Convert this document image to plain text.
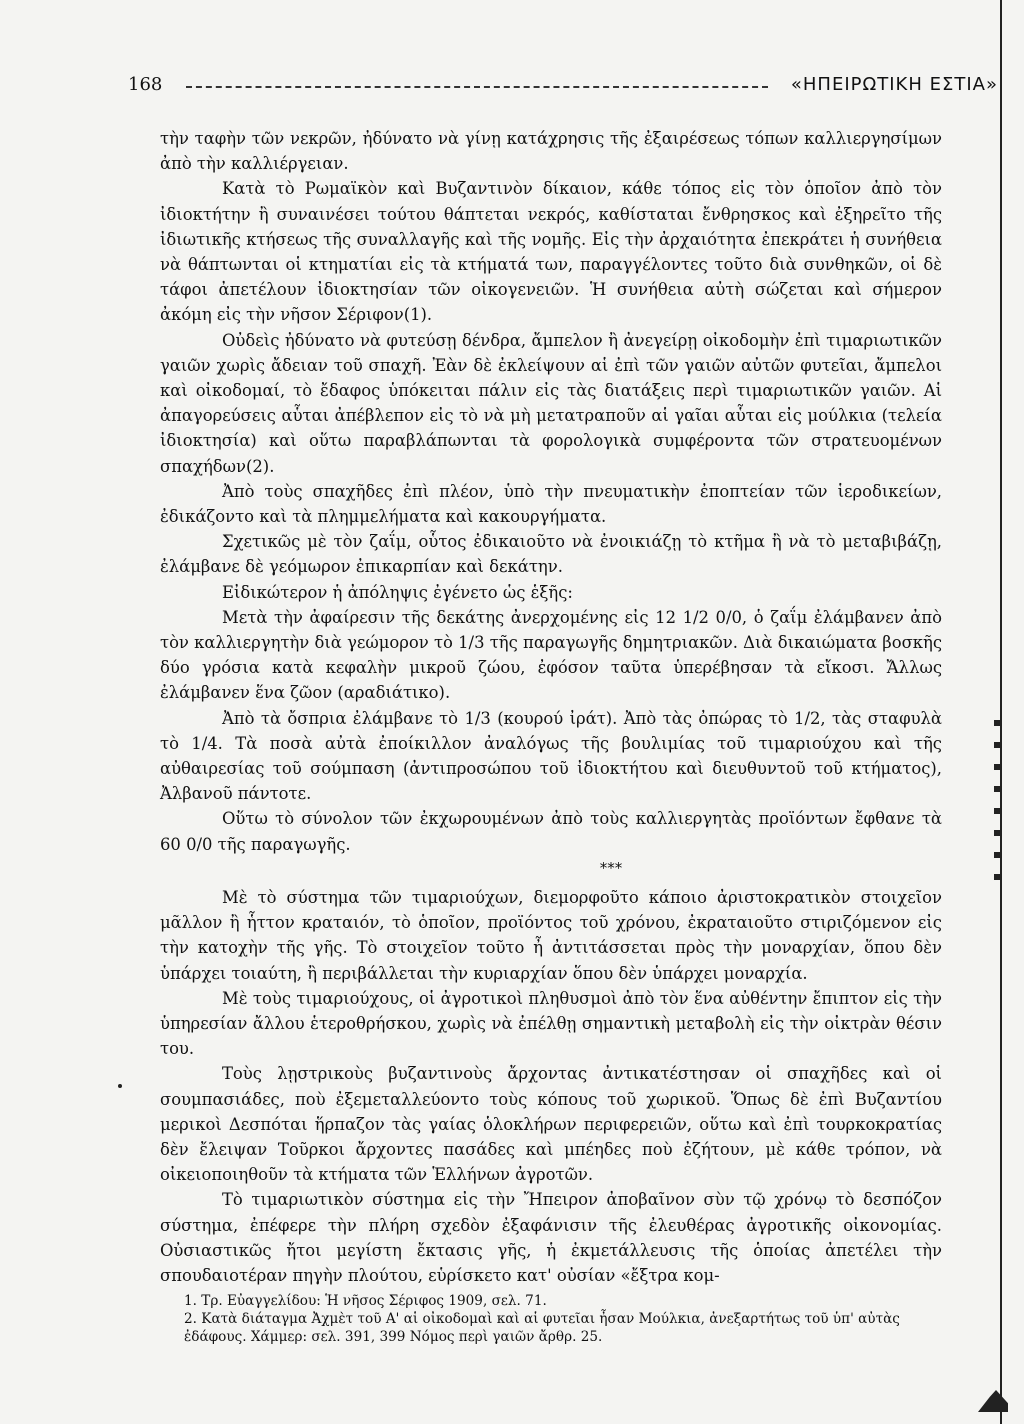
168	«ΗΠΕΙΡΩΤΙΚΗ ΕΣΤΙΑ»

τὴν ταφὴν τῶν νεκρῶν, ἠδύνατο νὰ γίνῃ κατάχρησις τῆς ἐξαιρέσεως τόπων καλλιεργησίμων ἀπὸ τὴν καλλιέργειαν.

Κατὰ τὸ Ρωμαϊκὸν καὶ Βυζαντινὸν δίκαιον, κάθε τόπος εἰς τὸν ὁποῖον ἀπὸ τὸν ἰδιοκτήτην ἢ συναινέσει τούτου θάπτεται νεκρός, καθίσταται ἔνθρησκος καὶ ἐξηρεῖτο τῆς ἰδιωτικῆς κτήσεως τῆς συναλλαγῆς καὶ τῆς νομῆς. Εἰς τὴν ἀρχαιότητα ἐπεκράτει ἡ συνήθεια νὰ θάπτωνται οἱ κτηματίαι εἰς τὰ κτήματά των, παραγγέλοντες τοῦτο διὰ συνθηκῶν, οἱ δὲ τάφοι ἀπετέλουν ἰδιοκτησίαν τῶν οἰκογενειῶν. Ἡ συνήθεια αὐτὴ σώζεται καὶ σήμερον ἀκόμη εἰς τὴν νῆσον Σέριφον(1).

Οὐδεὶς ἠδύνατο νὰ φυτεύσῃ δένδρα, ἄμπελον ἢ ἀνεγείρῃ οἰκοδομὴν ἐπὶ τιμαριωτικῶν γαιῶν χωρὶς ἄδειαν τοῦ σπαχῆ. Ἐὰν δὲ ἐκλείψουν αἱ ἐπὶ τῶν γαιῶν αὐτῶν φυτεῖαι, ἄμπελοι καὶ οἰκοδομαί, τὸ ἔδαφος ὑπόκειται πάλιν εἰς τὰς διατάξεις περὶ τιμαριωτικῶν γαιῶν. Αἱ ἀπαγορεύσεις αὗται ἀπέβλεπον εἰς τὸ νὰ μὴ μετατραποῦν αἱ γαῖαι αὗται εἰς μούλκια (τελεία ἰδιοκτησία) καὶ οὕτω παραβλάπωνται τὰ φορολογικὰ συμφέροντα τῶν στρατευομένων σπαχήδων(2).

Ἀπὸ τοὺς σπαχῆδες ἐπὶ πλέον, ὑπὸ τὴν πνευματικὴν ἐποπτείαν τῶν ἱεροδικείων, ἐδικάζοντο καὶ τὰ πλημμελήματα καὶ κακουργήματα.

Σχετικῶς μὲ τὸν ζαΐμ, οὗτος ἐδικαιοῦτο νὰ ἐνοικιάζῃ τὸ κτῆμα ἢ νὰ τὸ μεταβιβάζῃ, ἐλάμβανε δὲ γεόμωρον ἐπικαρπίαν καὶ δεκάτην.

Εἰδικώτερον ἡ ἀπόληψις ἐγένετο ὡς ἑξῆς:

Μετὰ τὴν ἀφαίρεσιν τῆς δεκάτης ἀνερχομένης εἰς 12 1/2 0/0, ὁ ζαΐμ ἐλάμβανεν ἀπὸ τὸν καλλιεργητὴν διὰ γεώμορον τὸ 1/3 τῆς παραγωγῆς δημητριακῶν. Διὰ δικαιώματα βοσκῆς δύο γρόσια κατὰ κεφαλὴν μικροῦ ζώου, ἐφόσον ταῦτα ὑπερέβησαν τὰ εἴκοσι. Ἄλλως ἐλάμβανεν ἕνα ζῶον (αραδιάτικο).

Ἀπὸ τὰ ὄσπρια ἐλάμβανε τὸ 1/3 (κουρού ἰράτ). Ἀπὸ τὰς ὀπώρας τὸ 1/2, τὰς σταφυλὰ τὸ 1/4. Τὰ ποσὰ αὐτὰ ἐποίκιλλον ἀναλόγως τῆς βουλιμίας τοῦ τιμαριούχου καὶ τῆς αὐθαιρεσίας τοῦ σούμπαση (ἀντιπροσώπου τοῦ ἰδιοκτήτου καὶ διευθυντοῦ τοῦ κτήματος), Ἀλβανοῦ πάντοτε.

Οὕτω τὸ σύνολον τῶν ἐκχωρουμένων ἀπὸ τοὺς καλλιεργητὰς προϊόντων ἔφθανε τὰ 60 0/0 τῆς παραγωγῆς.

***

Μὲ τὸ σύστημα τῶν τιμαριούχων, διεμορφοῦτο κάποιο ἀριστοκρατικὸν στοιχεῖον μᾶλλον ἢ ἧττον κραταιόν, τὸ ὁποῖον, προϊόντος τοῦ χρόνου, ἐκραταιοῦτο στιριζόμενον εἰς τὴν κατοχὴν τῆς γῆς. Τὸ στοιχεῖον τοῦτο ἦ ἀντιτάσσεται πρὸς τὴν μοναρχίαν, ὅπου δὲν ὑπάρχει τοιαύτη, ἢ περιβάλλεται τὴν κυριαρχίαν ὅπου δὲν ὑπάρχει μοναρχία.

Μὲ τοὺς τιμαριούχους, οἱ ἀγροτικοὶ πληθυσμοὶ ἀπὸ τὸν ἕνα αὐθέντην ἔπιπτον εἰς τὴν ὑπηρεσίαν ἄλλου ἑτεροθρήσκου, χωρὶς νὰ ἐπέλθῃ σημαντικὴ μεταβολὴ εἰς τὴν οἰκτρὰν θέσιν του.

Τοὺς λῃστρικοὺς βυζαντινοὺς ἄρχοντας ἀντικατέστησαν οἱ σπαχῆδες καὶ οἱ σουμπασιάδες, ποὺ ἐξεμεταλλεύοντο τοὺς κόπους τοῦ χωρικοῦ. Ὅπως δὲ ἐπὶ Βυζαντίου μερικοὶ Δεσπόται ἥρπαζον τὰς γαίας ὁλοκλήρων περιφερειῶν, οὕτω καὶ ἐπὶ τουρκοκρατίας δὲν ἔλειψαν Τοῦρκοι ἄρχοντες πασάδες καὶ μπέηδες ποὺ ἐζήτουν, μὲ κάθε τρόπον, νὰ οἰκειοποιηθοῦν τὰ κτήματα τῶν Ἑλλήνων ἀγροτῶν.

Τὸ τιμαριωτικὸν σύστημα εἰς τὴν Ἤπειρον ἀποβαῖνον σὺν τῷ χρόνῳ τὸ δεσπόζον σύστημα, ἐπέφερε τὴν πλήρη σχεδὸν ἐξαφάνισιν τῆς ἐλευθέρας ἀγροτικῆς οἰκονομίας. Οὐσιαστικῶς ἤτοι μεγίστη ἔκτασις γῆς, ἡ ἐκμετάλλευσις τῆς ὁποίας ἀπετέλει τὴν σπουδαιοτέραν πηγὴν πλούτου, εὑρίσκετο κατ' οὐσίαν «ἔξτρα κομ-

1. Τρ. Εὐαγγελίδου: Ἡ νῆσος Σέριφος 1909, σελ. 71.

2. Κατὰ διάταγμα Ἀχμὲτ τοῦ Α' αἱ οἰκοδομαὶ καὶ αἱ φυτεῖαι ἦσαν Μούλκια, ἀνεξαρτήτως τοῦ ὑπ' αὐτὰς ἐδάφους. Χάμμερ: σελ. 391, 399 Νόμος περὶ γαιῶν ἄρθρ. 25.
